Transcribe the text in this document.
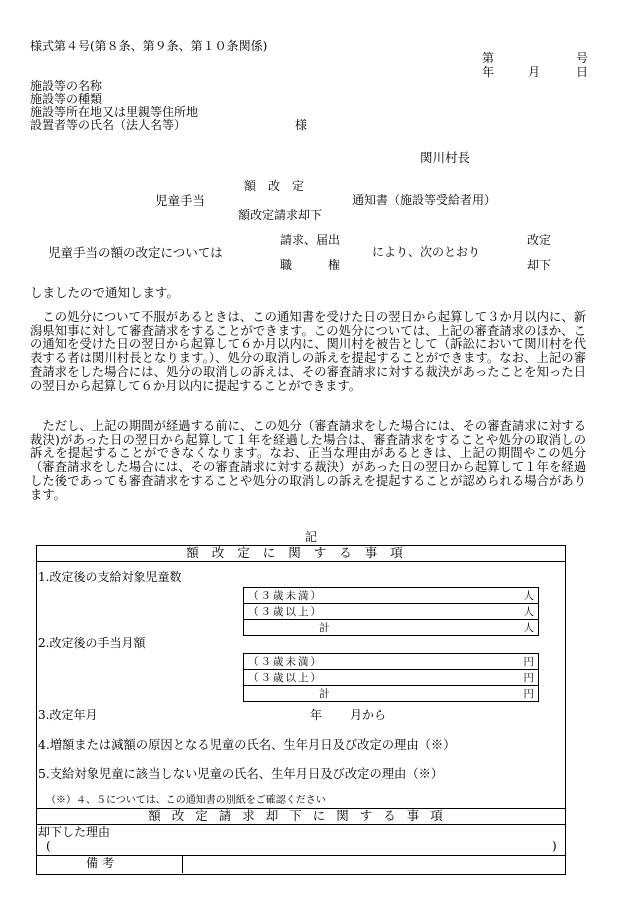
様式第４号(第８条、第９条、第１０条関係)
第	号
年	月	日
施設等の名称
施設等の種類
施設等所在地又は里親等住所地
設置者等の氏名（法人名等）	様
関川村長
額　改　定
児童手当	通知書（施設等受給者用）
額改定請求却下
請求、届出	改定
児童手当の額の改定については	により、次のとおり
職　　　権	却下
しましたので通知します。
　この処分について不服があるときは、この通知書を受けた日の翌日から起算して３か月以内に、新潟県知事に対して審査請求をすることができます。この処分については、上記の審査請求のほか、この通知を受けた日の翌日から起算して６か月以内に、関川村を被告として（訴訟において関川村を代表する者は関川村長となります。）、処分の取消しの訴えを提起することができます。なお、上記の審査請求をした場合には、処分の取消しの訴えは、その審査請求に対する裁決があったことを知った日の翌日から起算して６か月以内に提起することができます。
　ただし、上記の期間が経過する前に、この処分（審査請求をした場合には、その審査請求に対する裁決)があった日の翌日から起算して１年を経過した場合は、審査請求をすることや処分の取消しの訴えを提起することができなくなります。なお、正当な理由があるときは、上記の期間やこの処分（審査請求をした場合には、その審査請求に対する裁決）があった日の翌日から起算して１年を経過した後であっても審査請求をすることや処分の取消しの訴えを提起することが認められる場合があります。
記
額改定に関する事項
1.改定後の支給対象児童数
（３歳未満）	人
（３歳以上）	人
計	人
2.改定後の手当月額
（３歳未満）	円
（３歳以上）	円
計	円
3.改定年月	年 月から
4.増額または減額の原因となる児童の氏名、生年月日及び改定の理由（※）
5.支給対象児童に該当しない児童の氏名、生年月日及び改定の理由（※）
（※）４、５については、この通知書の別紙をご確認ください
額改定請求却下に関する事項
却下した理由
(	)
備考
